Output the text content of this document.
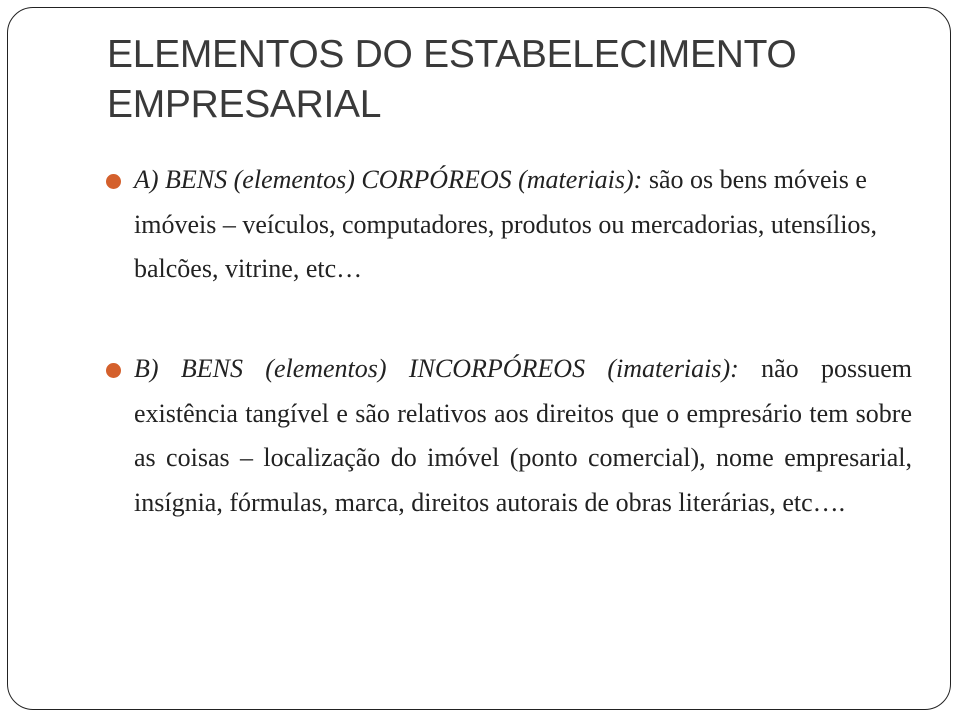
ELEMENTOS DO ESTABELECIMENTO EMPRESARIAL
A) BENS (elementos) CORPÓREOS (materiais): são os bens móveis e imóveis – veículos, computadores, produtos ou mercadorias, utensílios, balcões, vitrine, etc…
B) BENS (elementos) INCORPÓREOS (imateriais): não possuem existência tangível e são relativos aos direitos que o empresário tem sobre as coisas – localização do imóvel (ponto comercial), nome empresarial, insígnia, fórmulas, marca, direitos autorais de obras literárias, etc….
